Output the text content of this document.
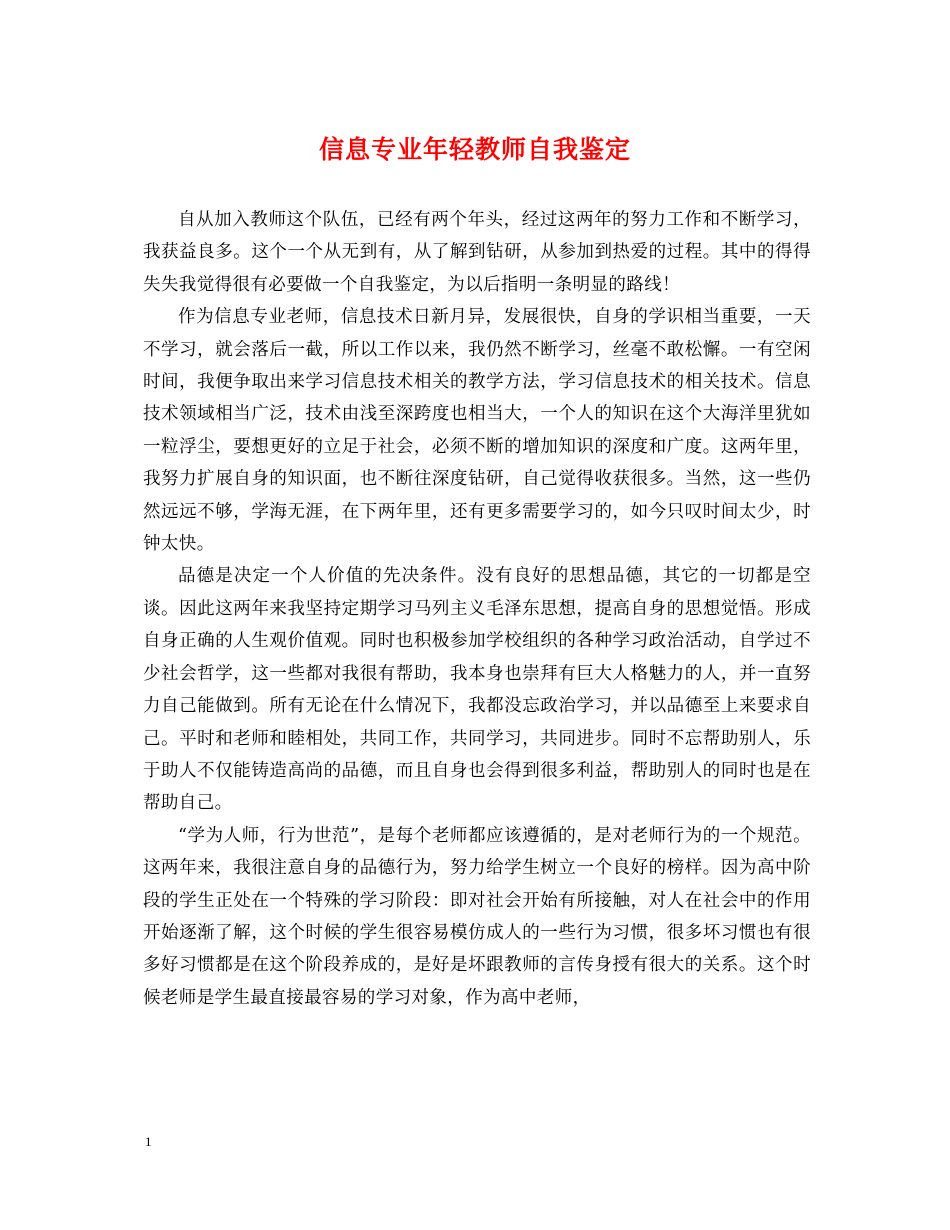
信息专业年轻教师自我鉴定

自从加入教师这个队伍，已经有两个年头，经过这两年的努力工作和不断学习，我获益良多。这个一个从无到有，从了解到钻研，从参加到热爱的过程。其中的得得失失我觉得很有必要做一个自我鉴定，为以后指明一条明显的路线！

作为信息专业老师，信息技术日新月异，发展很快，自身的学识相当重要，一天不学习，就会落后一截，所以工作以来，我仍然不断学习，丝毫不敢松懈。一有空闲时间，我便争取出来学习信息技术相关的教学方法，学习信息技术的相关技术。信息技术领域相当广泛，技术由浅至深跨度也相当大，一个人的知识在这个大海洋里犹如一粒浮尘，要想更好的立足于社会，必须不断的增加知识的深度和广度。这两年里，我努力扩展自身的知识面，也不断往深度钻研，自己觉得收获很多。当然，这一些仍然远远不够，学海无涯，在下两年里，还有更多需要学习的，如今只叹时间太少，时钟太快。

品德是决定一个人价值的先决条件。没有良好的思想品德，其它的一切都是空谈。因此这两年来我坚持定期学习马列主义毛泽东思想，提高自身的思想觉悟。形成自身正确的人生观价值观。同时也积极参加学校组织的各种学习政治活动，自学过不少社会哲学，这一些都对我很有帮助，我本身也崇拜有巨大人格魅力的人，并一直努力自己能做到。所有无论在什么情况下，我都没忘政治学习，并以品德至上来要求自己。平时和老师和睦相处，共同工作，共同学习，共同进步。同时不忘帮助别人，乐于助人不仅能铸造高尚的品德，而且自身也会得到很多利益，帮助别人的同时也是在帮助自己。

“学为人师，行为世范”，是每个老师都应该遵循的，是对老师行为的一个规范。这两年来，我很注意自身的品德行为，努力给学生树立一个良好的榜样。因为高中阶段的学生正处在一个特殊的学习阶段：即对社会开始有所接触，对人在社会中的作用开始逐渐了解，这个时候的学生很容易模仿成人的一些行为习惯，很多坏习惯也有很多好习惯都是在这个阶段养成的，是好是坏跟教师的言传身授有很大的关系。这个时候老师是学生最直接最容易的学习对象，作为高中老师，

1
